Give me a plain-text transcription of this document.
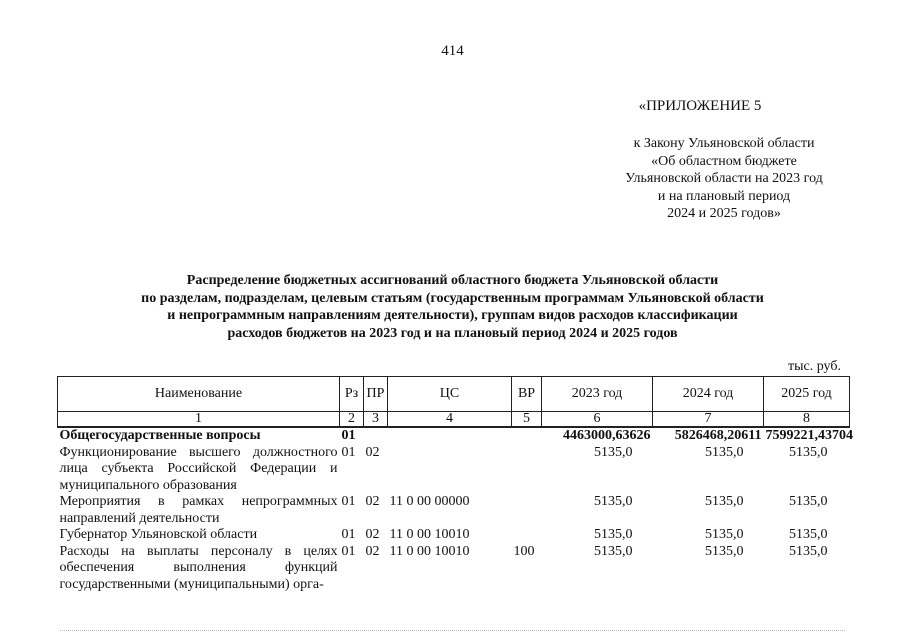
414
«ПРИЛОЖЕНИЕ 5
к Закону Ульяновской области
«Об областном бюджете
Ульяновской области на 2023 год
и на плановый период
2024 и 2025 годов»
Распределение бюджетных ассигнований областного бюджета Ульяновской области
по разделам, подразделам, целевым статьям (государственным программам Ульяновской области
и непрограммным направлениям деятельности), группам видов расходов классификации
расходов бюджетов на 2023 год и на плановый период 2024 и 2025 годов
тыс. руб.
Наименование	Рз	ПР	ЦС	ВР	2023 год	2024 год	2025 год
1	2	3	4	5	6	7	8
Общегосударственные вопросы	01				4463000,63626	5826468,20611	7599221,43704
Функционирование высшего должностного лица субъекта Российской Федерации и муниципального образования	01	02			5135,0	5135,0	5135,0
Мероприятия в рамках непрограммных направлений деятельности	01	02	11 0 00 00000		5135,0	5135,0	5135,0
Губернатор Ульяновской области	01	02	11 0 00 10010		5135,0	5135,0	5135,0
Расходы на выплаты персоналу в целях обеспечения выполнения функций государственными (муниципальными) орга-	01	02	11 0 00 10010	100	5135,0	5135,0	5135,0
